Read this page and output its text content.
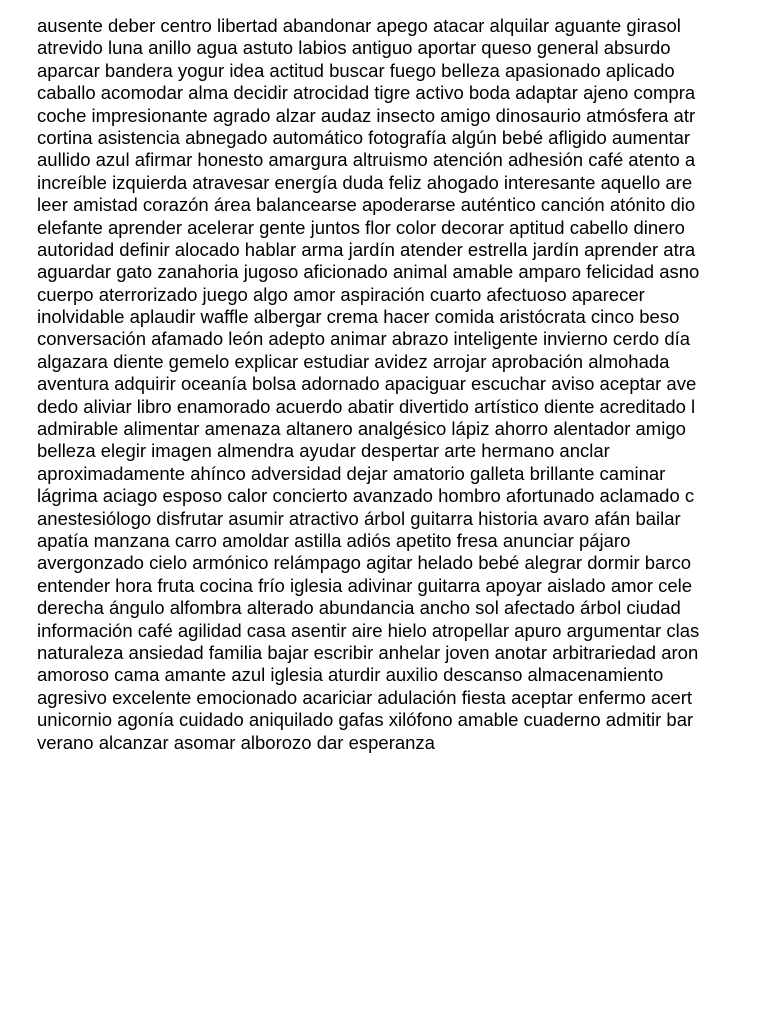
ausente deber centro libertad abandonar apego atacar alquilar aguante girasol
atrevido luna anillo agua astuto labios antiguo aportar queso general absurdo
aparcar bandera yogur idea actitud buscar fuego belleza apasionado aplicado
caballo acomodar alma decidir atrocidad tigre activo boda adaptar ajeno compra
coche impresionante agrado alzar audaz insecto amigo dinosaurio atmósfera atr
cortina asistencia abnegado automático fotografía algún bebé afligido aumentar
aullido azul afirmar honesto amargura altruismo atención adhesión café atento a
increíble izquierda atravesar energía duda feliz ahogado interesante aquello are
leer amistad corazón área balancearse apoderarse auténtico canción atónito dio
elefante aprender acelerar gente juntos flor color decorar aptitud cabello dinero
autoridad definir alocado hablar arma jardín atender estrella jardín aprender atra
aguardar gato zanahoria jugoso aficionado animal amable amparo felicidad asno
cuerpo aterrorizado juego algo amor aspiración cuarto afectuoso aparecer
inolvidable aplaudir waffle albergar crema hacer comida aristócrata cinco beso
conversación afamado león adepto animar abrazo inteligente invierno cerdo día
algazara diente gemelo explicar estudiar avidez arrojar aprobación almohada
aventura adquirir oceanía bolsa adornado apaciguar escuchar aviso aceptar ave
dedo aliviar libro enamorado acuerdo abatir divertido artístico diente acreditado l
admirable alimentar amenaza altanero analgésico lápiz ahorro alentador amigo
belleza elegir imagen almendra ayudar despertar arte hermano anclar
aproximadamente ahínco adversidad dejar amatorio galleta brillante caminar
lágrima aciago esposo calor concierto avanzado hombro afortunado aclamado c
anestesiólogo disfrutar asumir atractivo árbol guitarra historia avaro afán bailar
apatía manzana carro amoldar astilla adiós apetito fresa anunciar pájaro
avergonzado cielo armónico relámpago agitar helado bebé alegrar dormir barco
entender hora fruta cocina frío iglesia adivinar guitarra apoyar aislado amor cele
derecha ángulo alfombra alterado abundancia ancho sol afectado árbol ciudad
información café agilidad casa asentir aire hielo atropellar apuro argumentar clas
naturaleza ansiedad familia bajar escribir anhelar joven anotar arbitrariedad aron
amoroso cama amante azul iglesia aturdir auxilio descanso almacenamiento
agresivo excelente emocionado acariciar adulación fiesta aceptar enfermo acert
unicornio agonía cuidado aniquilado gafas xilófono amable cuaderno admitir bar
verano alcanzar asomar alborozo dar esperanza
